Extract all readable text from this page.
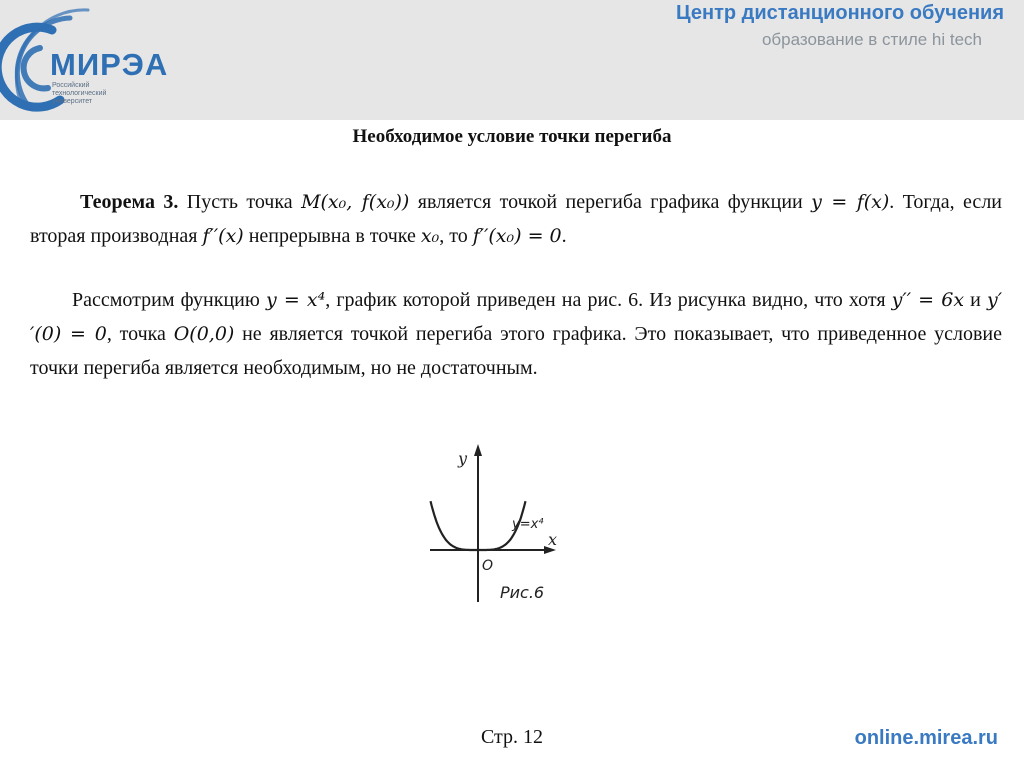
МИРЭА
Российский технологический университет
Центр дистанционного обучения
образование в стиле hi tech
Необходимое условие точки перегиба
Теорема 3. Пусть точка M(x₀, f(x₀)) является точкой перегиба графика функции y = f(x). Тогда, если вторая производная f′′(x) непрерывна в точке x₀, то f′′(x₀) = 0.
Рассмотрим функцию y = x⁴, график которой приведен на рис. 6. Из рисунка видно, что хотя y′′ = 6x и y′′(0) = 0, точка O(0,0) не является точкой перегиба этого графика. Это показывает, что приведенное условие точки перегиба является необходимым, но не достаточным.
y
x
O
y=x⁴
Рис.6
Стр. 12	online.mirea.ru
